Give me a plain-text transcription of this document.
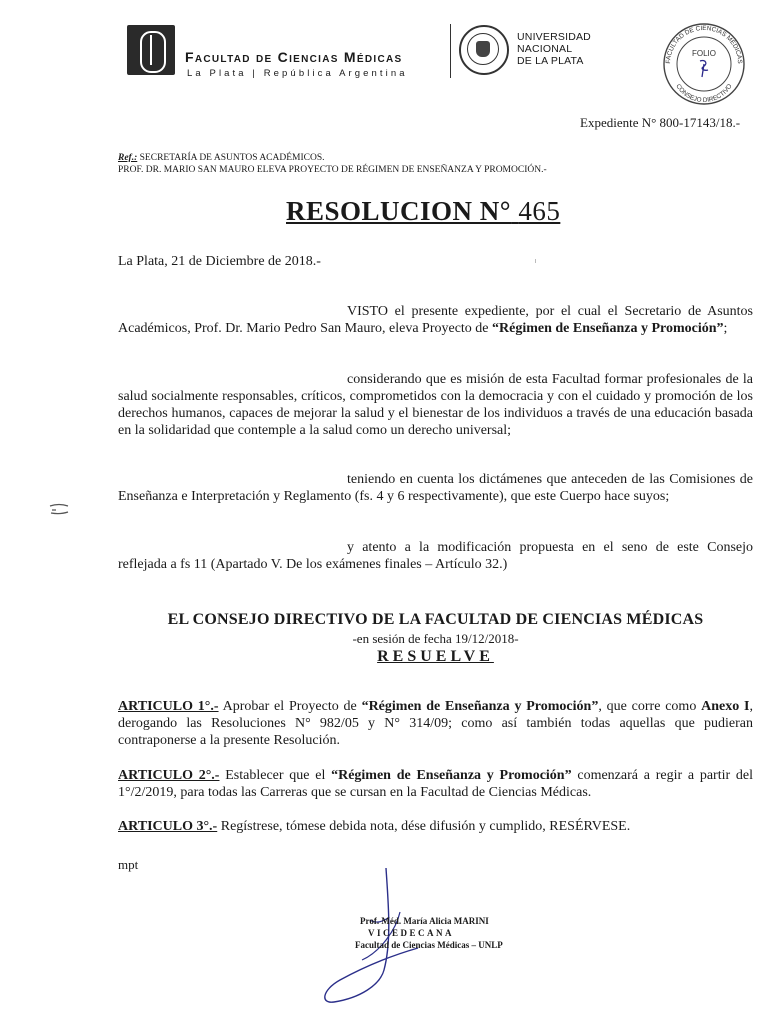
Facultad de Ciencias Médicas
La Plata | República Argentina
UNIVERSIDAD
NACIONAL
DE LA PLATA	FACULTAD DE CIENCIAS MÉDICAS
CONSEJO DIRECTIVO
FOLIO
Expediente N° 800-17143/18.-
Ref.: SECRETARÍA DE ASUNTOS ACADÉMICOS.
PROF. DR. MARIO SAN MAURO ELEVA PROYECTO DE RÉGIMEN DE ENSEÑANZA Y PROMOCIÓN.-
RESOLUCION N° 465
La Plata, 21 de Diciembre de 2018.-
VISTO el presente expediente, por el cual el Secretario de Asuntos Académicos, Prof. Dr. Mario Pedro San Mauro, eleva Proyecto de “Régimen de Enseñanza y Promoción”;
considerando que es misión de esta Facultad formar profesionales de la salud socialmente responsables, críticos, comprometidos con la democracia y con el cuidado y promoción de los derechos humanos, capaces de mejorar la salud y el bienestar de los individuos a través de una educación basada en la solidaridad que contemple a la salud como un derecho universal;
teniendo en cuenta los dictámenes que anteceden de las Comisiones de Enseñanza e Interpretación y Reglamento (fs. 4 y 6 respectivamente), que este Cuerpo hace suyos;
y atento a la modificación propuesta en el seno de este Consejo reflejada a fs 11 (Apartado V. De los exámenes finales – Artículo 32.)
EL CONSEJO DIRECTIVO DE LA FACULTAD DE CIENCIAS MÉDICAS
-en sesión de fecha 19/12/2018-
RESUELVE
ARTICULO 1°.- Aprobar el Proyecto de “Régimen de Enseñanza y Promoción”, que corre como Anexo I, derogando las Resoluciones N° 982/05 y N° 314/09; como así también todas aquellas que pudieran contraponerse a la presente Resolución.
ARTICULO 2°.- Establecer que el “Régimen de Enseñanza y Promoción” comenzará a regir a partir del 1°/2/2019, para todas las Carreras que se cursan en la Facultad de Ciencias Médicas.
ARTICULO 3°.- Regístrese, tómese debida nota, dése difusión y cumplido, RESÉRVESE.
mpt
Prof. Méd. María Alicia MARINI
VICEDECANA
Facultad de Ciencias Médicas – UNLP
